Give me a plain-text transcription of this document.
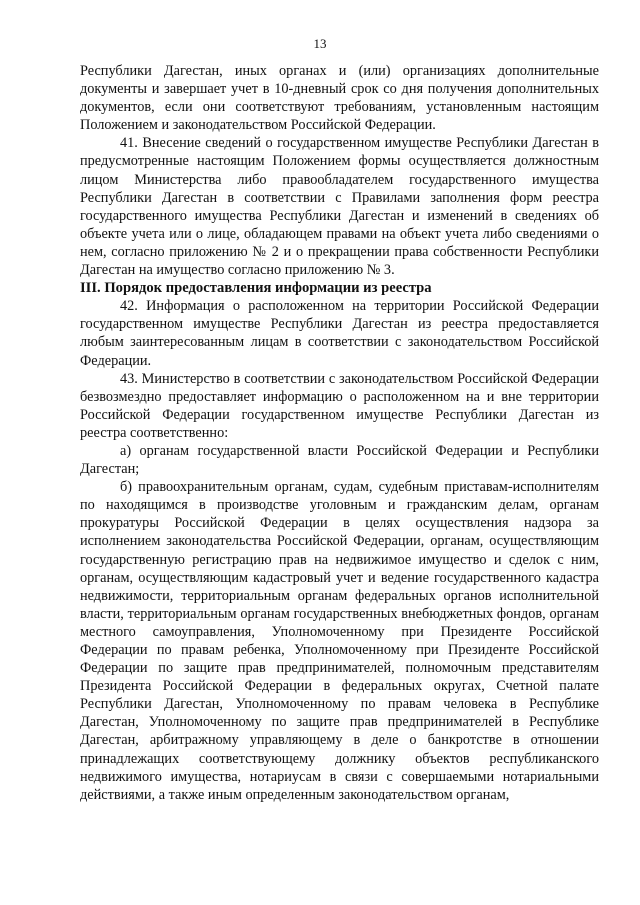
13

Республики Дагестан, иных органах и (или) организациях дополнительные документы и завершает учет в 10-дневный срок со дня получения дополнительных документов, если они соответствуют требованиям, установленным настоящим Положением и законодательством Российской Федерации.

41. Внесение сведений о государственном имуществе Республики Дагестан в предусмотренные настоящим Положением формы осуществляется должностным лицом Министерства либо правообладателем государственного имущества Республики Дагестан в соответствии с Правилами заполнения форм реестра государственного имущества Республики Дагестан и изменений в сведениях об объекте учета или о лице, обладающем правами на объект учета либо сведениями о нем, согласно приложению № 2 и о прекращении права собственности Республики Дагестан на имущество согласно приложению № 3.

III. Порядок предоставления информации из реестра

42. Информация о расположенном на территории Российской Федерации государственном имуществе Республики Дагестан из реестра предоставляется любым заинтересованным лицам в соответствии с законодательством Российской Федерации.

43. Министерство в соответствии с законодательством Российской Федерации безвозмездно предоставляет информацию о расположенном на и вне территории Российской Федерации государственном имуществе Республики Дагестан из реестра соответственно:

а) органам государственной власти Российской Федерации и Республики Дагестан;

б) правоохранительным органам, судам, судебным приставам-исполнителям по находящимся в производстве уголовным и гражданским делам, органам прокуратуры Российской Федерации в целях осуществления надзора за исполнением законодательства Российской Федерации, органам, осуществляющим государственную регистрацию прав на недвижимое имущество и сделок с ним, органам, осуществляющим кадастровый учет и ведение государственного кадастра недвижимости, территориальным органам федеральных органов исполнительной власти, территориальным органам государственных внебюджетных фондов, органам местного самоуправления, Уполномоченному при Президенте Российской Федерации по правам ребенка, Уполномоченному при Президенте Российской Федерации по защите прав предпринимателей, полномочным представителям Президента Российской Федерации в федеральных округах, Счетной палате Республики Дагестан, Уполномоченному по правам человека в Республике Дагестан, Уполномоченному по защите прав предпринимателей в Республике Дагестан, арбитражному управляющему в деле о банкротстве в отношении принадлежащих соответствующему должнику объектов республиканского недвижимого имущества, нотариусам в связи с совершаемыми нотариальными действиями, а также иным определенным законодательством органам,
